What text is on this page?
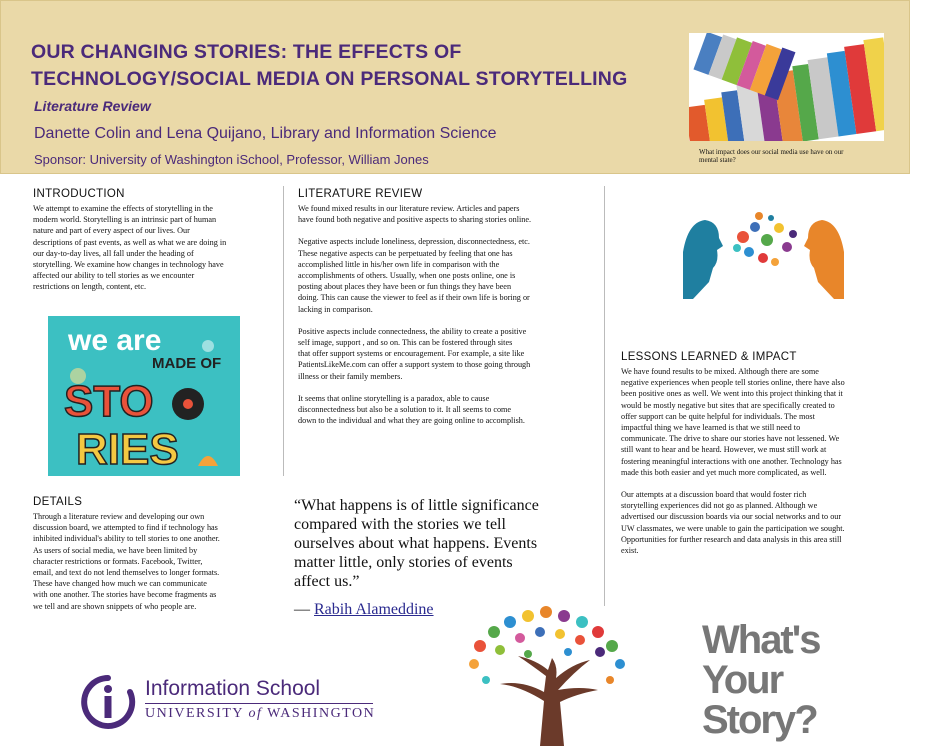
OUR CHANGING STORIES: THE EFFECTS OF
TECHNOLOGY/SOCIAL MEDIA ON PERSONAL STORYTELLING
Literature Review
Danette Colin and Lena Quijano, Library and Information Science
Sponsor: University of Washington iSchool, Professor, William Jones	What impact does our social media use have on our
mental state?
INTRODUCTION
We attempt to examine the effects of storytelling in the
modern world. Storytelling is an intrinsic part of human
nature and part of every aspect of our lives. Our
descriptions of past events, as well as what we are doing in
our day-to-day lives, all fall under the heading of
storytelling. We examine how changes in technology have
affected our ability to tell stories as we encounter
restrictions on length, content, etc.
we are
MADE OF
STO
RIES
DETAILS
Through a literature review and developing our own
discussion board, we attempted to find if technology has
inhibited individual's ability to tell stories to one another.
As users of social media, we have been limited by
character restrictions or formats. Facebook, Twitter,
email, and text do not lend themselves to longer formats.
These have changed how much we can communicate
with one another. The stories have become fragments as
we tell and are shown snippets of who people are.
LITERATURE REVIEW
We found mixed results in our literature review. Articles and papers
have found both negative and positive aspects to sharing stories online.
Negative aspects include loneliness, depression, disconnectedness, etc.
These negative aspects can be perpetuated by feeling that one has
accomplished little in his/her own life in comparison with the
accomplishments of others. Usually, when one posts online, one is
posting about places they have been or fun things they have been
doing. This can cause the viewer to feel as if their own life is boring or
lacking in comparison.
Positive aspects include connectedness, the ability to create a positive
self image, support , and so on. This can be fostered through sites
that offer support systems or encouragement. For example, a site like
PatientsLikeMe.com can offer a support system to those going through
illness or their family members.
It seems that online storytelling is a paradox, able to cause
disconnectedness but also be a solution to it. It all seems to come
down to the individual and what they are going online to accomplish.
“What happens is of little significance
compared with the stories we tell
ourselves about what happens. Events
matter little, only stories of events
affect us.”
— Rabih Alameddine
LESSONS LEARNED & IMPACT
We have found results to be mixed. Although there are some
negative experiences when people tell stories online, there have also
been positive ones as well. We went into this project thinking that it
would be mostly negative but sites that are specifically created to
offer support can be quite helpful for individuals. The most
impactful thing we have learned is that we still need to
communicate. The drive to share our stories have not lessened. We
still want to hear and be heard. However, we must still work at
fostering meaningful interactions with one another. Technology has
made this both easier and yet much more complicated, as well.
Our attempts at a discussion board that would foster rich
storytelling experiences did not go as planned. Although we
advertised our discussion boards via our social networks and to our
UW classmates, we were unable to gain the participation we sought.
Opportunities for further research and data analysis in this area still
exist.
Information School
UNIVERSITY of WASHINGTON
What's
Your
Story?
